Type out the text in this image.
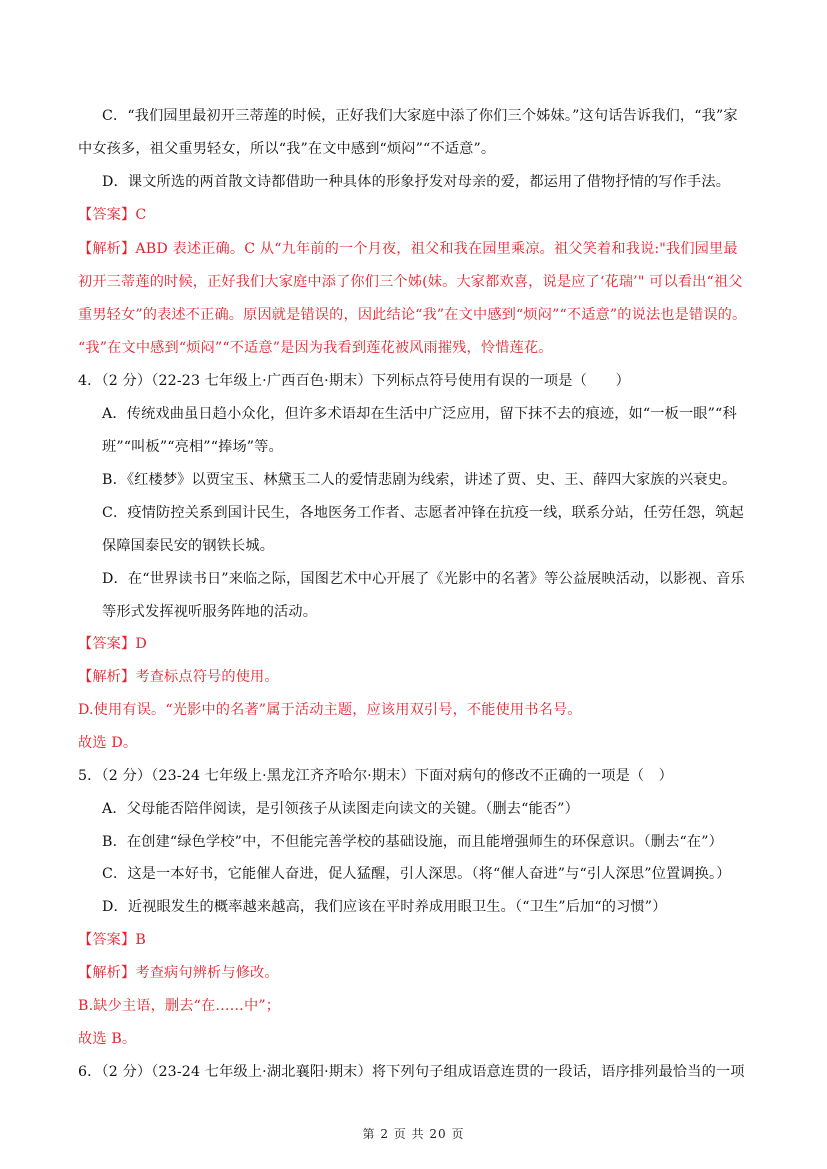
C．“我们园里最初开三蒂莲的时候，正好我们大家庭中添了你们三个姊妹。”这句话告诉我们，“我”家
中女孩多，祖父重男轻女，所以“我”在文中感到“烦闷”“不适意”。
D．课文所选的两首散文诗都借助一种具体的形象抒发对母亲的爱，都运用了借物抒情的写作手法。
【答案】C
【解析】ABD 表述正确。C 从“九年前的一个月夜，祖父和我在园里乘凉。祖父笑着和我说:"我们园里最
初开三蒂莲的时候，正好我们大家庭中添了你们三个姊(妹。大家都欢喜，说是应了‘花瑞’" 可以看出“祖父
重男轻女”的表述不正确。原因就是错误的，因此结论“我”在文中感到“烦闷”“不适意”的说法也是错误的。
“我”在文中感到“烦闷”“不适意”是因为我看到莲花被风雨摧残，怜惜莲花。
4．（2 分）（22-23 七年级上·广西百色·期末）下列标点符号使用有误的一项是（　　）
A．传统戏曲虽日趋小众化，但许多术语却在生活中广泛应用，留下抹不去的痕迹，如“一板一眼”“科
班”“叫板”“亮相”“捧场”等。
B．《红楼梦》以贾宝玉、林黛玉二人的爱情悲剧为线索，讲述了贾、史、王、薛四大家族的兴衰史。
C．疫情防控关系到国计民生，各地医务工作者、志愿者冲锋在抗疫一线，联系分站，任劳任怨，筑起
保障国泰民安的钢铁长城。
D．在“世界读书日”来临之际，国图艺术中心开展了《光影中的名著》等公益展映活动，以影视、音乐
等形式发挥视听服务阵地的活动。
【答案】D
【解析】考查标点符号的使用。
D.使用有误。“光影中的名著”属于活动主题，应该用双引号，不能使用书名号。
故选 D。
5．（2 分）（23-24 七年级上·黑龙江齐齐哈尔·期末）下面对病句的修改不正确的一项是（　）
A．父母能否陪伴阅读，是引领孩子从读图走向读文的关键。（删去“能否”）
B．在创建“绿色学校”中，不但能完善学校的基础设施，而且能增强师生的环保意识。（删去“在”）
C．这是一本好书，它能催人奋进，促人猛醒，引人深思。（将“催人奋进”与“引人深思”位置调换。）
D．近视眼发生的概率越来越高，我们应该在平时养成用眼卫生。（“卫生”后加“的习惯”）
【答案】B
【解析】考查病句辨析与修改。
B.缺少主语，删去“在……中”；
故选 B。
6．（2 分）（23-24 七年级上·湖北襄阳·期末）将下列句子组成语意连贯的一段话，语序排列最恰当的一项
第 2 页 共 20 页
